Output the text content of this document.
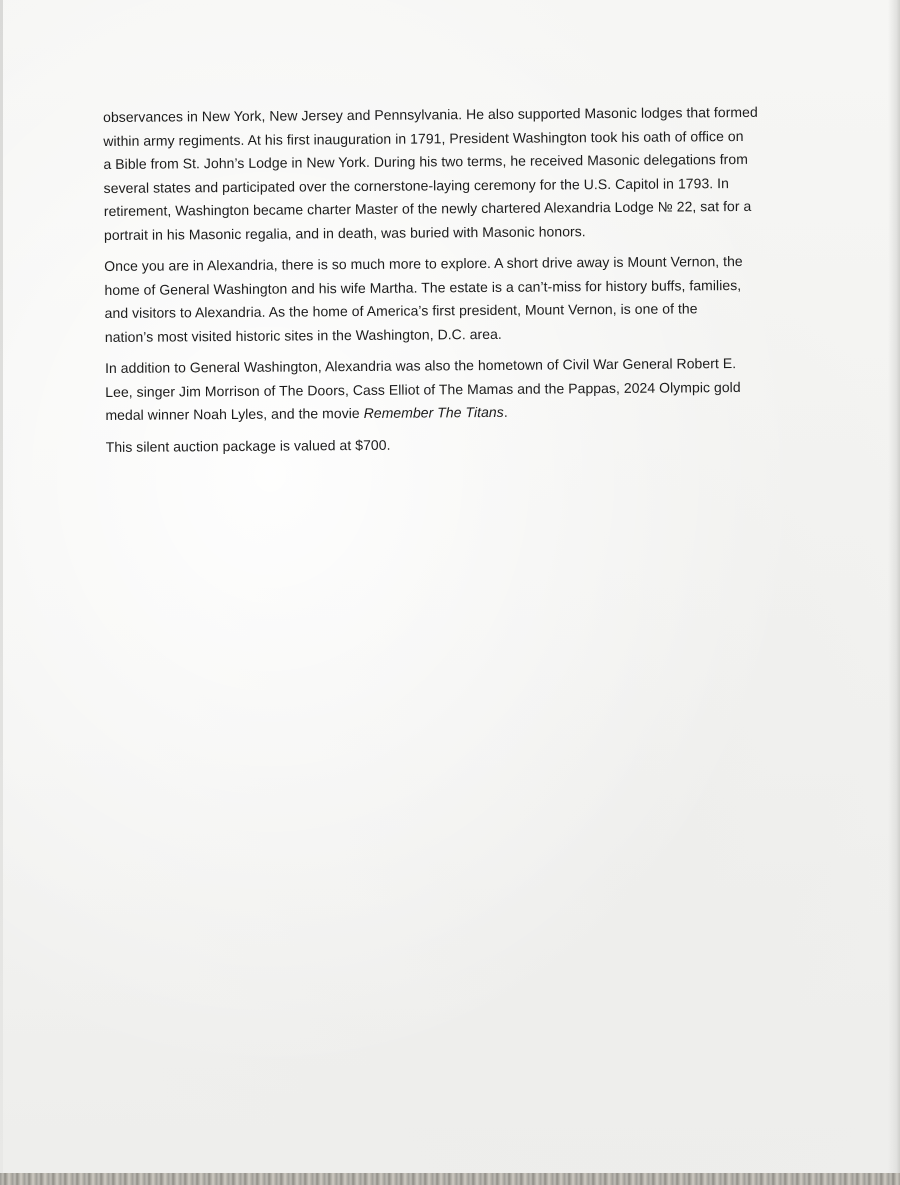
observances in New York, New Jersey and Pennsylvania. He also supported Masonic lodges that formed
within army regiments. At his first inauguration in 1791, President Washington took his oath of office on
a Bible from St. John’s Lodge in New York. During his two terms, he received Masonic delegations from
several states and participated over the cornerstone-laying ceremony for the U.S. Capitol in 1793. In
retirement, Washington became charter Master of the newly chartered Alexandria Lodge № 22, sat for a
portrait in his Masonic regalia, and in death, was buried with Masonic honors.

Once you are in Alexandria, there is so much more to explore. A short drive away is Mount Vernon, the
home of General Washington and his wife Martha. The estate is a can’t-miss for history buffs, families,
and visitors to Alexandria. As the home of America’s first president, Mount Vernon, is one of the
nation’s most visited historic sites in the Washington, D.C. area.

In addition to General Washington, Alexandria was also the hometown of Civil War General Robert E.
Lee, singer Jim Morrison of The Doors, Cass Elliot of The Mamas and the Pappas, 2024 Olympic gold
medal winner Noah Lyles, and the movie Remember The Titans.

This silent auction package is valued at $700.
